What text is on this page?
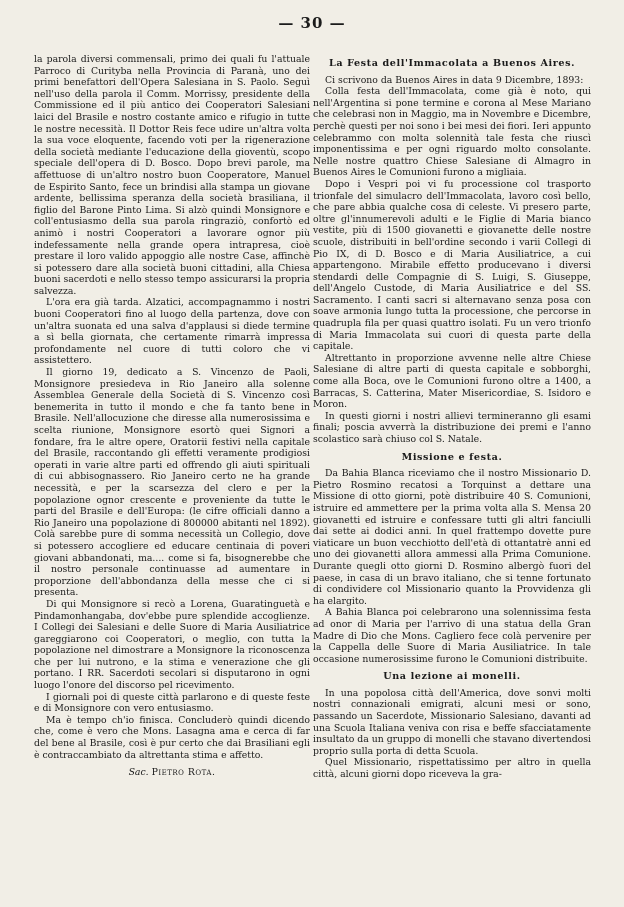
— 30 —

la parola diversi commensali, primo dei quali fu l'attuale Parroco di Curityba nella Provincia di Paranà, uno dei primi benefattori dell'Opera Salesiana in S. Paolo. Seguì nell'uso della parola il Comm. Morrissy, presidente della Commissione ed il più antico dei Cooperatori Salesiani laici del Brasile e nostro costante amico e rifugio in tutte le nostre necessità. Il Dottor Reis fece udire un'altra volta la sua voce eloquente, facendo voti per la rigenerazione della società mediante l'educazione della gioventù, scopo speciale dell'opera di D. Bosco. Dopo brevi parole, ma affettuose di un'altro nostro buon Cooperatore, Manuel de Espirito Santo, fece un brindisi alla stampa un giovane ardente, bellissima speranza della società brasiliana, il figlio del Barone Pinto Lima. Si alzò quindi Monsignore e coll'entusiasmo della sua parola ringraziò, confortò ed animò i nostri Cooperatori a lavorare ognor più indefessamente nella grande opera intrapresa, cioè prestare il loro valido appoggio alle nostre Case, affinchè si potessero dare alla società buoni cittadini, alla Chiesa buoni sacerdoti e nello stesso tempo assicurarsi la propria salvezza.

L'ora era già tarda. Alzatici, accompagnammo i nostri buoni Cooperatori fino al luogo della partenza, dove con un'altra suonata ed una salva d'applausi si diede termine a sì bella giornata, che certamente rimarrà impressa profondamente nel cuore di tutti coloro che vi assistettero.

Il giorno 19, dedicato a S. Vincenzo de Paoli, Monsignore presiedeva in Rio Janeiro alla solenne Assemblea Generale della Società di S. Vincenzo così benemerita in tutto il mondo e che fa tanto bene in Brasile. Nell'allocuzione che diresse alla numerosissima e scelta riunione, Monsignore esortò quei Signori a fondare, fra le altre opere, Oratorii festivi nella capitale del Brasile, raccontando gli effetti veramente prodigiosi operati in varie altre parti ed offrendo gli aiuti spirituali di cui abbisognassero. Rio Janeiro certo ne ha grande necessità, e per la scarsezza del clero e per la popolazione ognor crescente e proveniente da tutte le parti del Brasile e dell'Europa: (le cifre officiali danno a Rio Janeiro una popolazione di 800000 abitanti nel 1892). Colà sarebbe pure di somma necessità un Collegio, dove si potessero accogliere ed educare centinaia di poveri giovani abbandonati, ma.... come si fa, bisognerebbe che il nostro personale continuasse ad aumentare in proporzione dell'abbondanza della messe che ci si presenta.

Di qui Monsignore si recò a Lorena, Guaratinguetà e Pindamonhangaba, dov'ebbe pure splendide accoglienze. I Collegi dei Salesiani e delle Suore di Maria Ausiliatrice gareggiarono coi Cooperatori, o meglio, con tutta la popolazione nel dimostrare a Monsignore la riconoscenza che per lui nutrono, e la stima e venerazione che gli portano. I RR. Sacerdoti secolari si disputarono in ogni luogo l'onore del discorso pel ricevimento.

I giornali poi di queste città parlarono e di queste feste e di Monsignore con vero entusiasmo.

Ma è tempo ch'io finisca. Concluderò quindi dicendo che, come è vero che Mons. Lasagna ama e cerca di far del bene al Brasile, così è pur certo che dai Brasiliani egli è contraccambiato da altrettanta stima e affetto.

Sac. Pietro Rota.

La Festa dell'Immacolata a Buenos Aires.

Ci scrivono da Buenos Aires in data 9 Dicembre, 1893:

Colla festa dell'Immacolata, come già è noto, qui nell'Argentina si pone termine e corona al Mese Mariano che celebrasi non in Maggio, ma in Novembre e Dicembre, perchè questi per noi sono i bei mesi dei fiori. Ieri appunto celebrammo con molta solennità tale festa che riuscì imponentissima e per ogni riguardo molto consolante. Nelle nostre quattro Chiese Salesiane di Almagro in Buenos Aires le Comunioni furono a migliaia.

Dopo i Vespri poi vi fu processione col trasporto trionfale del simulacro dell'Immacolata, lavoro così bello, che pare abbia qualche cosa di celeste. Vi presero parte, oltre gl'innumerevoli adulti e le Figlie di Maria bianco vestite, più di 1500 giovanetti e giovanette delle nostre scuole, distribuiti in bell'ordine secondo i varii Collegi di Pio IX, di D. Bosco e di Maria Ausiliatrice, a cui appartengono. Mirabile effetto producevano i diversi stendardi delle Compagnie di S. Luigi, S. Giuseppe, dell'Angelo Custode, di Maria Ausiliatrice e del SS. Sacramento. I canti sacri si alternavano senza posa con soave armonia lungo tutta la processione, che percorse in quadrupla fila per quasi quattro isolati. Fu un vero trionfo di Maria Immacolata sui cuori di questa parte della capitale.

Altrettanto in proporzione avvenne nelle altre Chiese Salesiane di altre parti di questa capitale e sobborghi, come alla Boca, ove le Comunioni furono oltre a 1400, a Barracas, S. Catterina, Mater Misericordiae, S. Isidoro e Moron.

In questi giorni i nostri allievi termineranno gli esami finali; poscia avverrà la distribuzione dei premi e l'anno scolastico sarà chiuso col S. Natale.

Missione e festa.

Da Bahia Blanca riceviamo che il nostro Missionario D. Pietro Rosmino recatosi a Torquinst a dettare una Missione di otto giorni, potè distribuire 40 S. Comunioni, istruire ed ammettere per la prima volta alla S. Mensa 20 giovanetti ed istruire e confessare tutti gli altri fanciulli dai sette ai dodici anni. In quel frattempo dovette pure viaticare un buon vecchiotto dell'età di ottantatrè anni ed uno dei giovanetti allora ammessi alla Prima Comunione. Durante quegli otto giorni D. Rosmino albergò fuori del paese, in casa di un bravo italiano, che si tenne fortunato di condividere col Missionario quanto la Provvidenza gli ha elargito.

A Bahia Blanca poi celebrarono una solennissima festa ad onor di Maria per l'arrivo di una statua della Gran Madre di Dio che Mons. Cagliero fece colà pervenire per la Cappella delle Suore di Maria Ausiliatrice. In tale occasione numerosissime furono le Comunioni distribuite.

Una lezione ai monelli.

In una popolosa città dell'America, dove sonvi molti nostri connazionali emigrati, alcuni mesi or sono, passando un Sacerdote, Missionario Salesiano, davanti ad una Scuola Italiana veniva con risa e beffe sfacciatamente insultato da un gruppo di monelli che stavano divertendosi proprio sulla porta di detta Scuola.

Quel Missionario, rispettatissimo per altro in quella città, alcuni giorni dopo riceveva la gra-
